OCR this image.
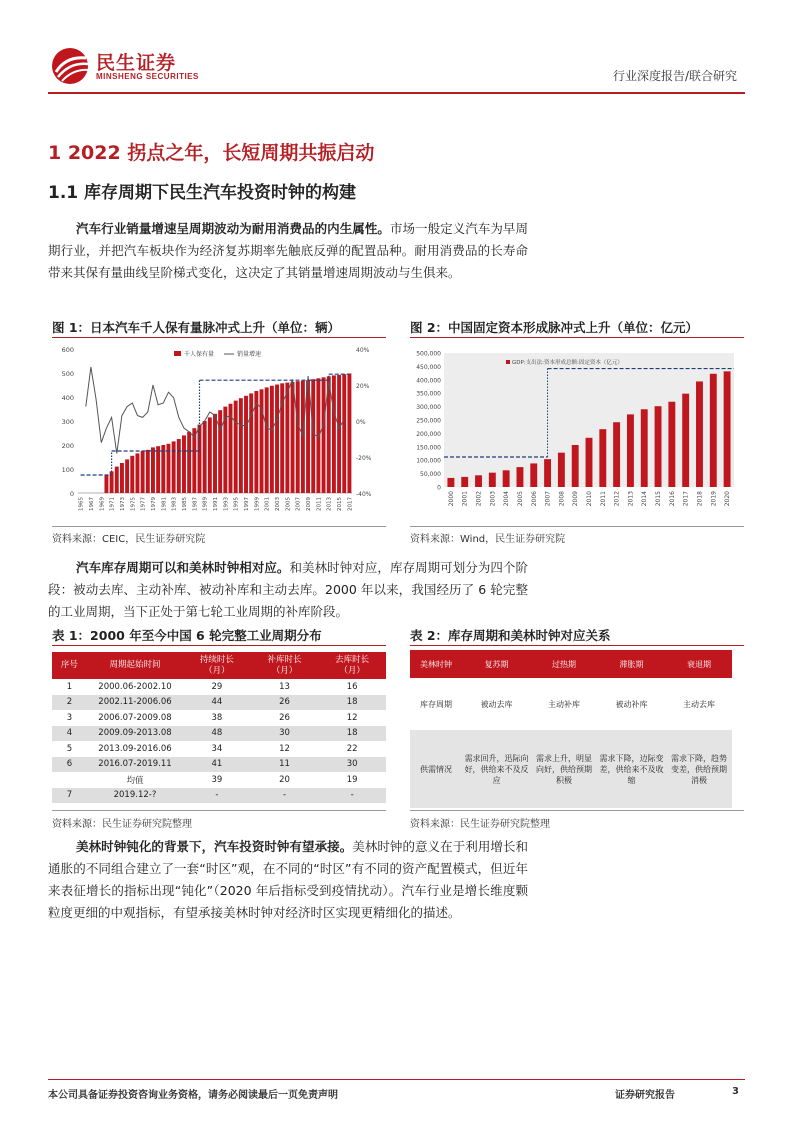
民生证券
MINSHENG SECURITIES	行业深度报告/联合研究
1 2022 拐点之年，长短周期共振启动
1.1 库存周期下民生汽车投资时钟的构建
汽车行业销量增速呈周期波动为耐用消费品的内生属性。市场一般定义汽车为早周期行业，并把汽车板块作为经济复苏期率先触底反弹的配置品种。耐用消费品的长寿命带来其保有量曲线呈阶梯式变化，这决定了其销量增速周期波动与生俱来。
图 1：日本汽车千人保有量脉冲式上升（单位：辆）
0
100
200
300
400
500
600
-40%
-20%
0%
20%
40%
千人保有量	销量增速
1965 1967 1969 1971 1973 1975 1977 1979 1981 1983 1985 1987 1989 1991 1993 1995 1997 1999 2001 2003 2005 2007 2009 2011 2013 2015 2017
资料来源：CEIC，民生证券研究院
图 2：中国固定资本形成脉冲式上升（单位：亿元）
0
50,000
100,000
150,000
200,000
250,000
300,000
350,000
400,000
450,000
500,000
2000 2001 2002 2003 2004 2005 2006 2007 2008 2009 2010 2011 2012 2013 2014 2015 2016 2017 2018 2019 2020
GDP:支出法:资本形成总额:固定资本（亿元）
资料来源：Wind，民生证券研究院
汽车库存周期可以和美林时钟相对应。和美林时钟对应，库存周期可划分为四个阶段：被动去库、主动补库、被动补库和主动去库。2000 年以来，我国经历了 6 轮完整的工业周期，当下正处于第七轮工业周期的补库阶段。
表 1：2000 年至今中国 6 轮完整工业周期分布
序号	周期起始时间	持续时长（月）	补库时长（月）	去库时长（月）
1	2000.06-2002.10	29	13	16
2	2002.11-2006.06	44	26	18
3	2006.07-2009.08	38	26	12
4	2009.09-2013.08	48	30	18
5	2013.09-2016.06	34	12	22
6	2016.07-2019.11	41	11	30
	均值	39	20	19
7	2019.12-?	-	-	-
资料来源：民生证券研究院整理
表 2：库存周期和美林时钟对应关系
美林时钟	复苏期	过热期	滞胀期	衰退期
库存周期	被动去库	主动补库	被动补库	主动去库
供需情况	需求回升，迅际向好，供给来不及反应	需求上升，明显向好，供给预期积极	需求下降，边际变差，供给来不及收缩	需求下降，趋势变差，供给预期消极
资料来源：民生证券研究院整理
美林时钟钝化的背景下，汽车投资时钟有望承接。美林时钟的意义在于利用增长和通胀的不同组合建立了一套“时区”观，在不同的“时区”有不同的资产配置模式，但近年来表征增长的指标出现“钝化”（2020 年后指标受到疫情扰动）。汽车行业是增长维度颗粒度更细的中观指标，有望承接美林时钟对经济时区实现更精细化的描述。
本公司具备证券投资咨询业务资格，请务必阅读最后一页免责声明	证券研究报告	3
